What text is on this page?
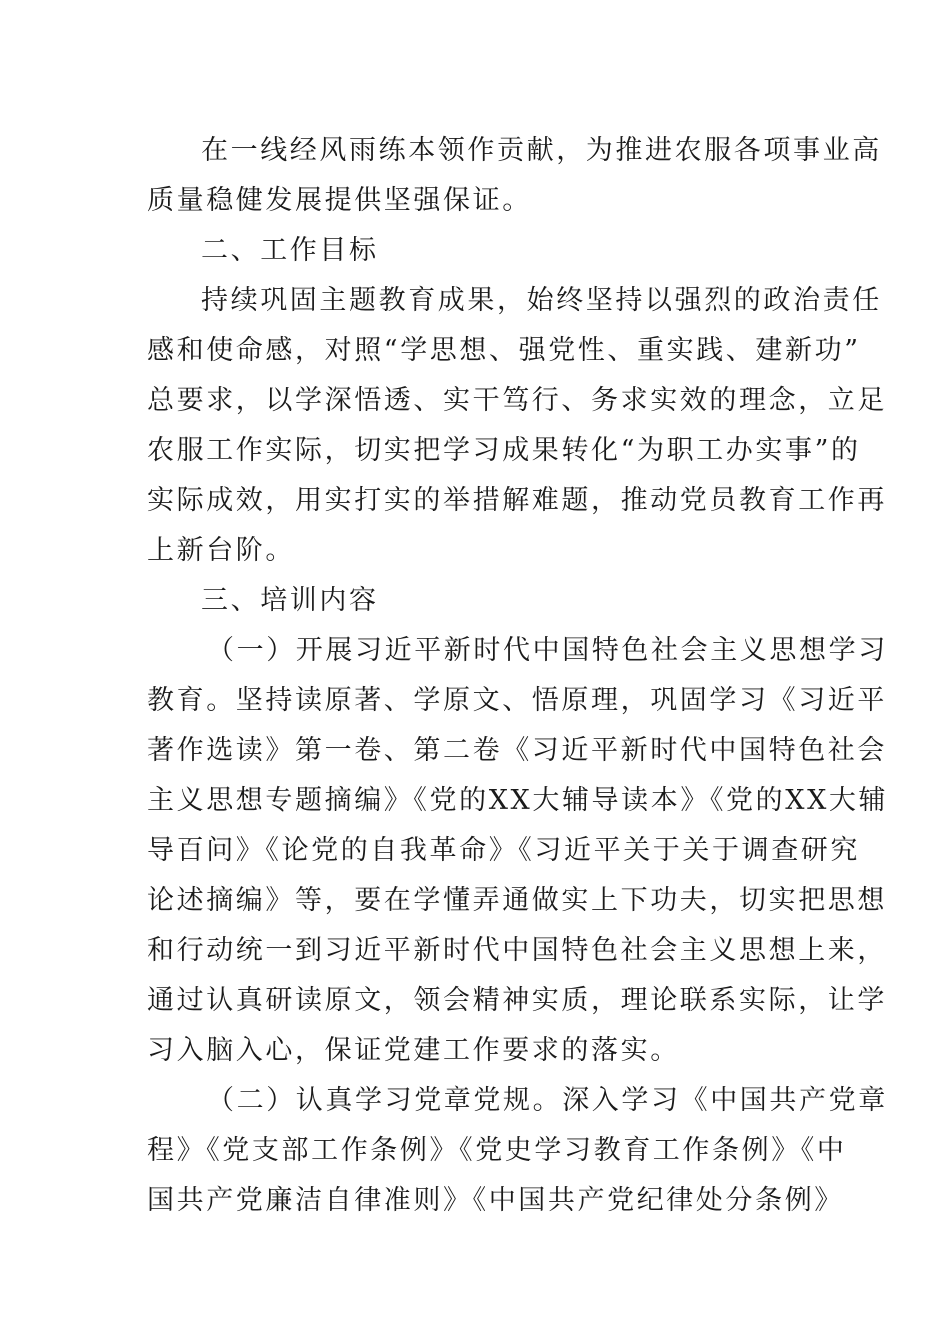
在一线经风雨练本领作贡献，为推进农服各项事业高
质量稳健发展提供坚强保证。
二、工作目标
持续巩固主题教育成果，始终坚持以强烈的政治责任
感和使命感，对照“学思想、强党性、重实践、建新功”
总要求，以学深悟透、实干笃行、务求实效的理念，立足
农服工作实际，切实把学习成果转化“为职工办实事”的
实际成效，用实打实的举措解难题，推动党员教育工作再
上新台阶。
三、培训内容
（一）开展习近平新时代中国特色社会主义思想学习
教育。坚持读原著、学原文、悟原理，巩固学习《习近平
著作选读》第一卷、第二卷《习近平新时代中国特色社会
主义思想专题摘编》《党的XX大辅导读本》《党的XX大辅
导百问》《论党的自我革命》《习近平关于关于调查研究
论述摘编》等，要在学懂弄通做实上下功夫，切实把思想
和行动统一到习近平新时代中国特色社会主义思想上来，
通过认真研读原文，领会精神实质，理论联系实际，让学
习入脑入心，保证党建工作要求的落实。
（二）认真学习党章党规。深入学习《中国共产党章
程》《党支部工作条例》《党史学习教育工作条例》《中
国共产党廉洁自律准则》《中国共产党纪律处分条例》
